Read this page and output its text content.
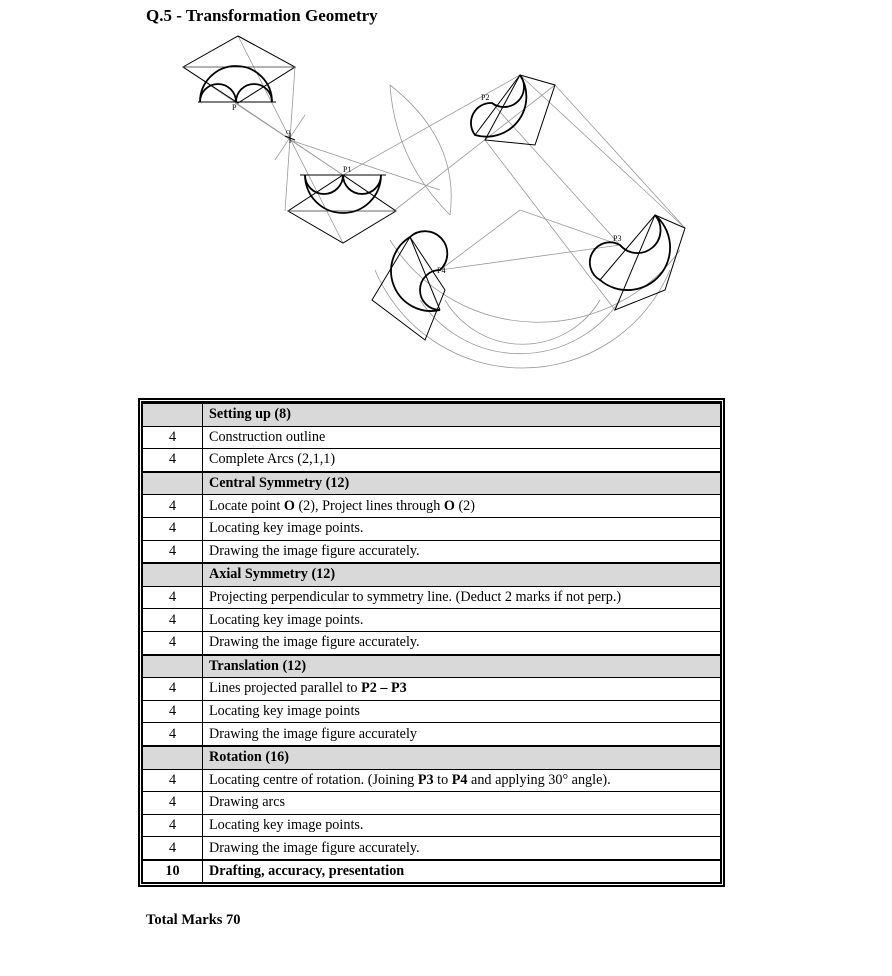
Q.5 - Transformation Geometry
P
P1
P2
P3
P4
O
	Setting up (8)
4	Construction outline
4	Complete Arcs (2,1,1)
	Central Symmetry (12)
4	Locate point O (2), Project lines through O (2)
4	Locating key image points.
4	Drawing the image figure accurately.
	Axial Symmetry (12)
4	Projecting perpendicular to symmetry line. (Deduct 2 marks if not perp.)
4	Locating key image points.
4	Drawing the image figure accurately.
	Translation (12)
4	Lines projected parallel to P2 – P3
4	Locating key image points
4	Drawing the image figure accurately
	Rotation (16)
4	Locating centre of rotation. (Joining P3 to P4 and applying 30° angle).
4	Drawing arcs
4	Locating key image points.
4	Drawing the image figure accurately.
10	Drafting, accuracy, presentation
Total Marks 70
